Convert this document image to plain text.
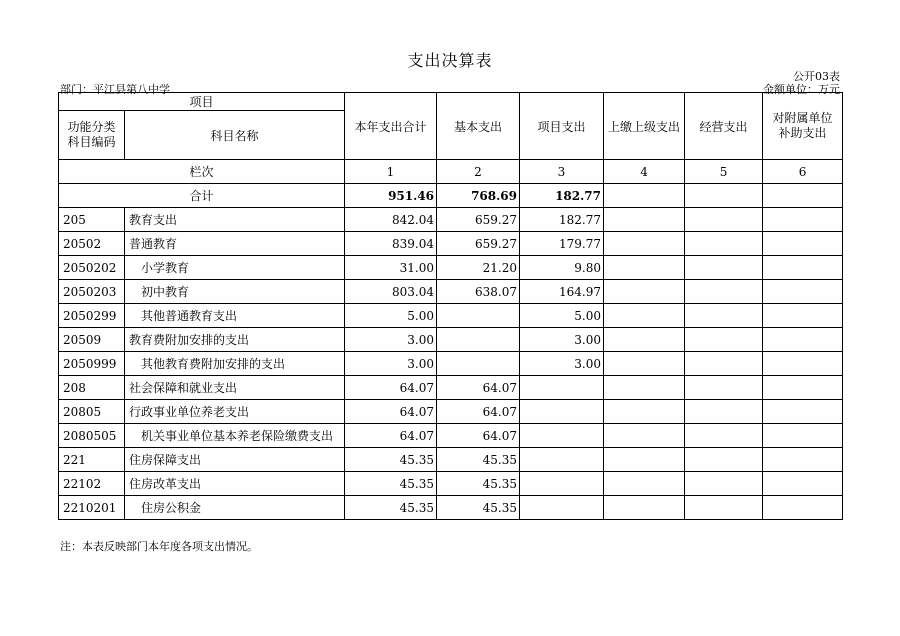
支出决算表
公开03表
部门：平江县第八中学	金额单位：万元
项目		本年支出合计	基本支出	项目支出	上缴上级支出	经营支出	对附属单位补助支出
功能分类科目编码	科目名称						
栏次		1	2	3	4	5	6
合计		951.46	768.69	182.77			
205	教育支出	842.04	659.27	182.77			
20502	普通教育	839.04	659.27	179.77			
2050202	　小学教育	31.00	21.20	9.80			
2050203	　初中教育	803.04	638.07	164.97			
2050299	　其他普通教育支出	5.00		5.00			
20509	教育费附加安排的支出	3.00		3.00			
2050999	　其他教育费附加安排的支出	3.00		3.00			
208	社会保障和就业支出	64.07	64.07				
20805	行政事业单位养老支出	64.07	64.07				
2080505	　机关事业单位基本养老保险缴费支出	64.07	64.07				
221	住房保障支出	45.35	45.35				
22102	住房改革支出	45.35	45.35				
2210201	　住房公积金	45.35	45.35				
注：本表反映部门本年度各项支出情况。
